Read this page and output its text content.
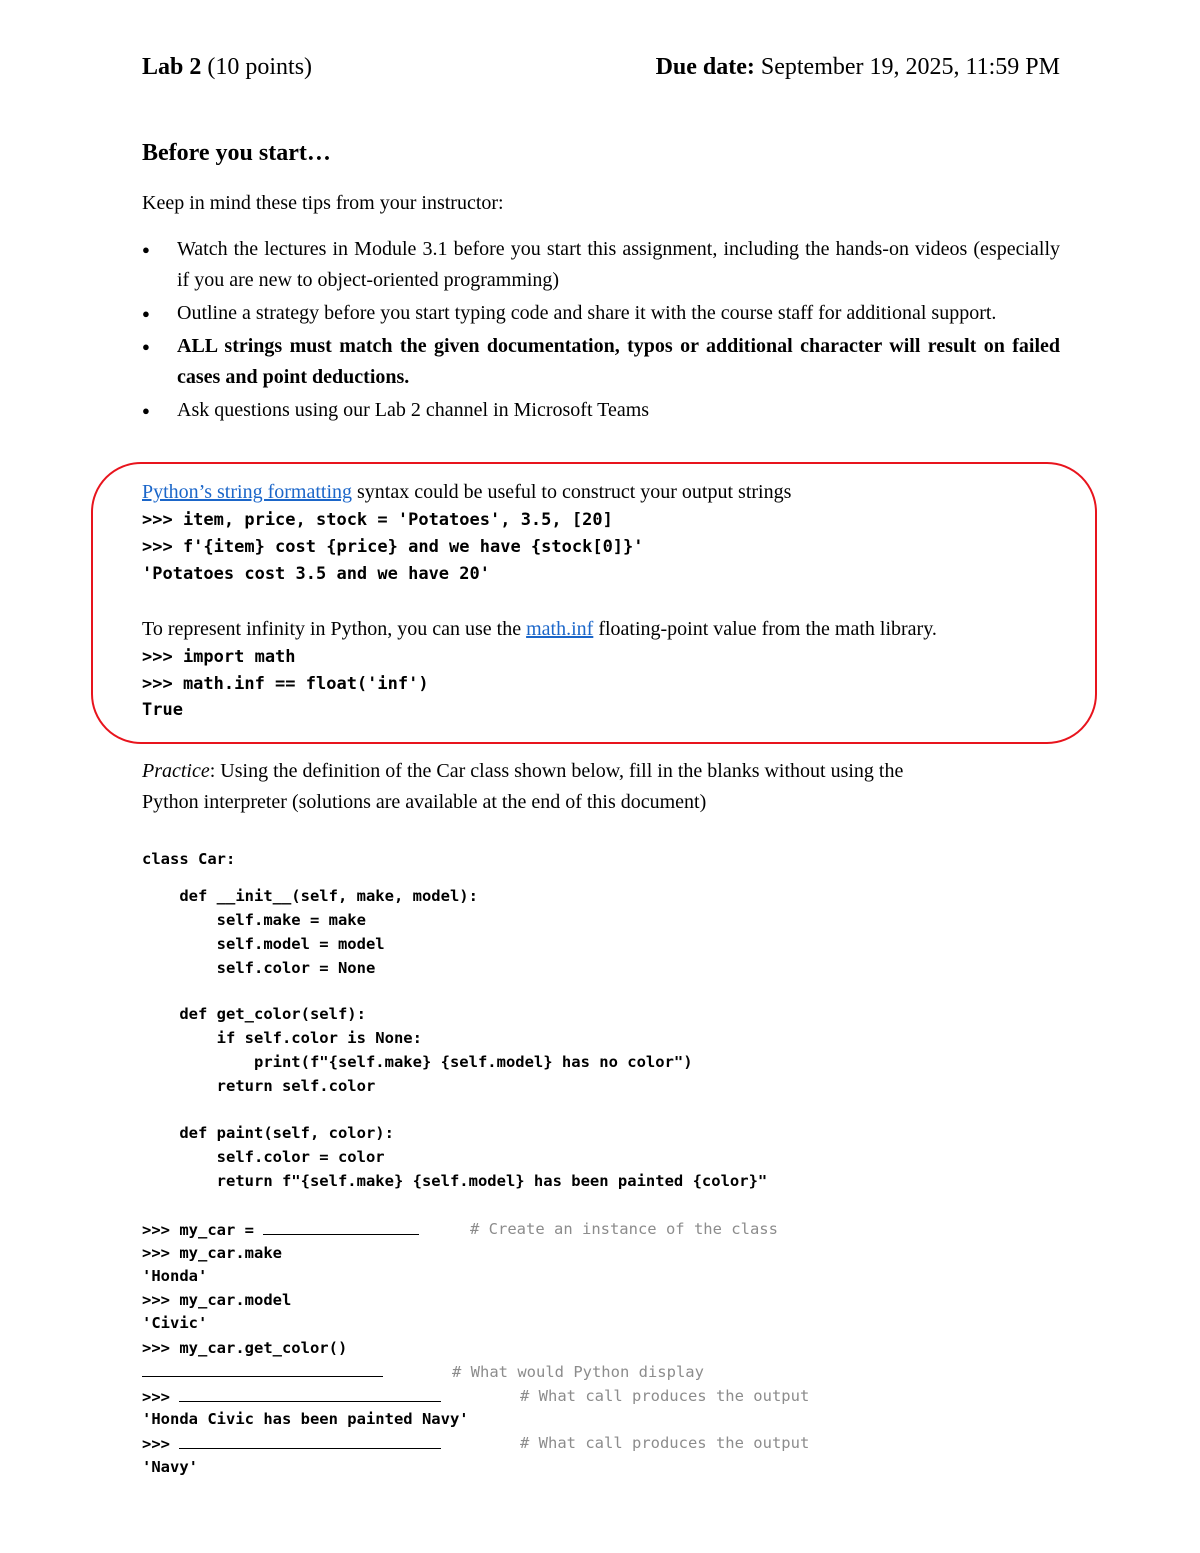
Lab 2 (10 points)

	Due date: September 19, 2025, 11:59 PM

Before you start…
Keep in mind these tips from your instructor:
● Watch the lectures in Module 3.1 before you start this assignment, including the hands-on videos (especially if you are new to object-oriented programming)
● Outline a strategy before you start typing code and share it with the course staff for additional support.
● ALL strings must match the given documentation, typos or additional character will result on failed cases and point deductions.
● Ask questions using our Lab 2 channel in Microsoft Teams
Python’s string formatting syntax could be useful to construct your output strings
>>> item, price, stock = 'Potatoes', 3.5, [20]
>>> f'{item} cost {price} and we have {stock[0]}'
'Potatoes cost 3.5 and we have 20'
To represent infinity in Python, you can use the math.inf floating-point value from the math library.
>>> import math
>>> math.inf == float('inf')
True
Practice: Using the definition of the Car class shown below, fill in the blanks without using the
Python interpreter (solutions are available at the end of this document)
class Car:
def __init__(self, make, model):
self.make = make
self.model = model
self.color = None
def get_color(self):
if self.color is None:
print(f"{self.make} {self.model} has no color")
return self.color
def paint(self, color):
self.color = color
return f"{self.make} {self.model} has been painted {color}"
>>> my_car =	# Create an instance of the class
>>> my_car.make
'Honda'
>>> my_car.model
'Civic'
>>> my_car.get_color()
# What would Python display
>>>	# What call produces the output
'Honda Civic has been painted Navy'
>>>	# What call produces the output
'Navy'
